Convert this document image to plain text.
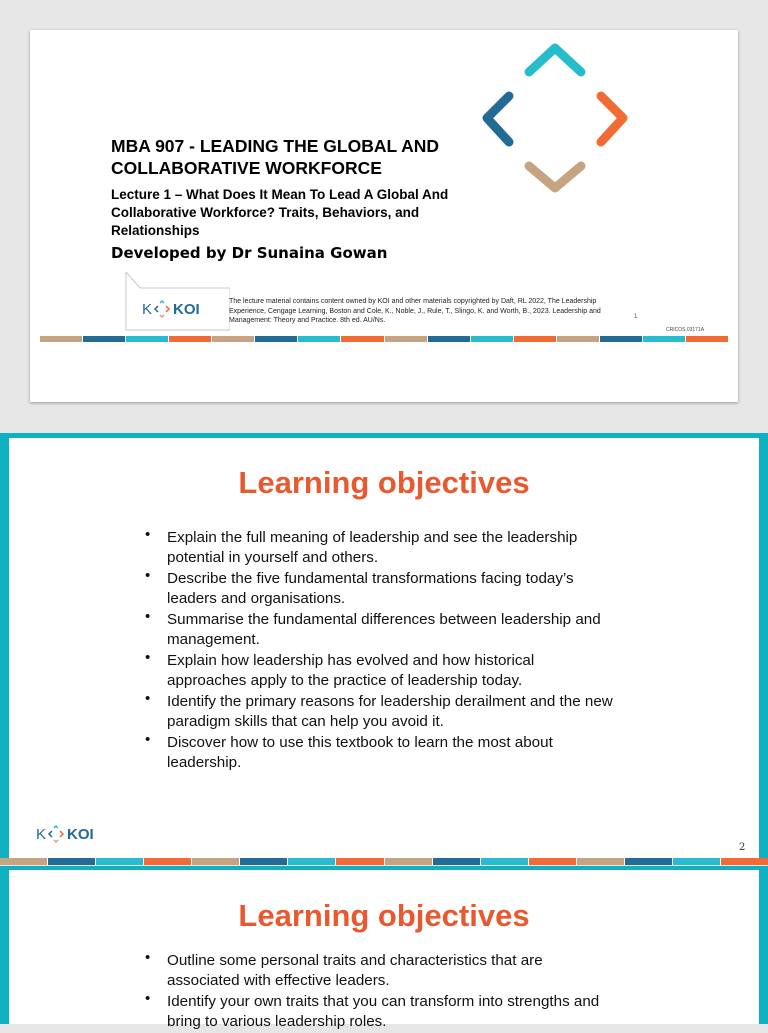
MBA 907 - LEADING THE GLOBAL AND COLLABORATIVE WORKFORCE
Lecture 1 – What Does It Mean To Lead A Global And Collaborative Workforce? Traits, Behaviors, and Relationships
Developed by Dr Sunaina Gowan
K KOI	The lecture material contains content owned by KOI and other materials copyrighted by Daft, RL 2022, The Leadership Experience, Cengage Learning, Boston and Cole, K., Noble, J., Rule, T., Slingo, K. and Worth, B., 2023. Leadership and Management: Theory and Practice. 8th ed. AU/Ns.	1
CRICOS 03171A
Learning objectives
• Explain the full meaning of leadership and see the leadership potential in yourself and others.
• Describe the five fundamental transformations facing today’s leaders and organisations.
• Summarise the fundamental differences between leadership and management.
• Explain how leadership has evolved and how historical approaches apply to the practice of leadership today.
• Identify the primary reasons for leadership derailment and the new paradigm skills that can help you avoid it.
• Discover how to use this textbook to learn the most about leadership.
K KOI
2
Learning objectives
• Outline some personal traits and characteristics that are associated with effective leaders.
• Identify your own traits that you can transform into strengths and bring to various leadership roles.
